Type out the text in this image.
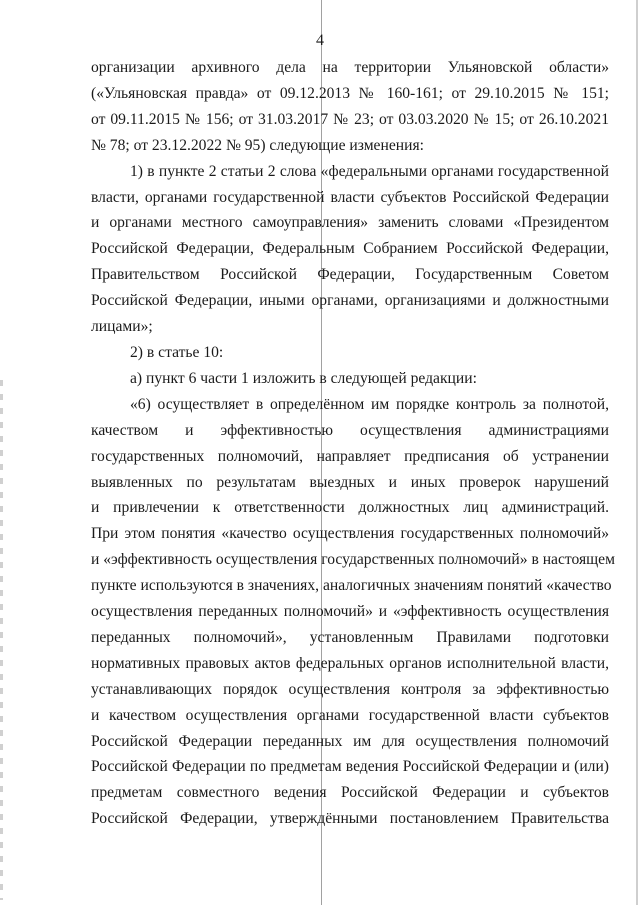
4

организации архивного дела на территории Ульяновской области»
(«Ульяновская правда» от 09.12.2013 № 160-161; от 29.10.2015 № 151;
от 09.11.2015 № 156; от 31.03.2017 № 23; от 03.03.2020 № 15; от 26.10.2021
№ 78; от 23.12.2022 № 95) следующие изменения:

1) в пункте 2 статьи 2 слова «федеральными органами государственной
власти, органами государственной власти субъектов Российской Федерации
и органами местного самоуправления» заменить словами «Президентом
Российской Федерации, Федеральным Собранием Российской Федерации,
Правительством Российской Федерации, Государственным Советом
Российской Федерации, иными органами, организациями и должностными
лицами»;

2) в статье 10:

а) пункт 6 части 1 изложить в следующей редакции:

«6) осуществляет в определённом им порядке контроль за полнотой,
качеством и эффективностью осуществления администрациями
государственных полномочий, направляет предписания об устранении
выявленных по результатам выездных и иных проверок нарушений
и привлечении к ответственности должностных лиц администраций.
При этом понятия «качество осуществления государственных полномочий»
и «эффективность осуществления государственных полномочий» в настоящем
пункте используются в значениях, аналогичных значениям понятий «качество
осуществления переданных полномочий» и «эффективность осуществления
переданных полномочий», установленным Правилами подготовки
нормативных правовых актов федеральных органов исполнительной власти,
устанавливающих порядок осуществления контроля за эффективностью
и качеством осуществления органами государственной власти субъектов
Российской Федерации переданных им для осуществления полномочий
Российской Федерации по предметам ведения Российской Федерации и (или)
предметам совместного ведения Российской Федерации и субъектов
Российской Федерации, утверждёнными постановлением Правительства
